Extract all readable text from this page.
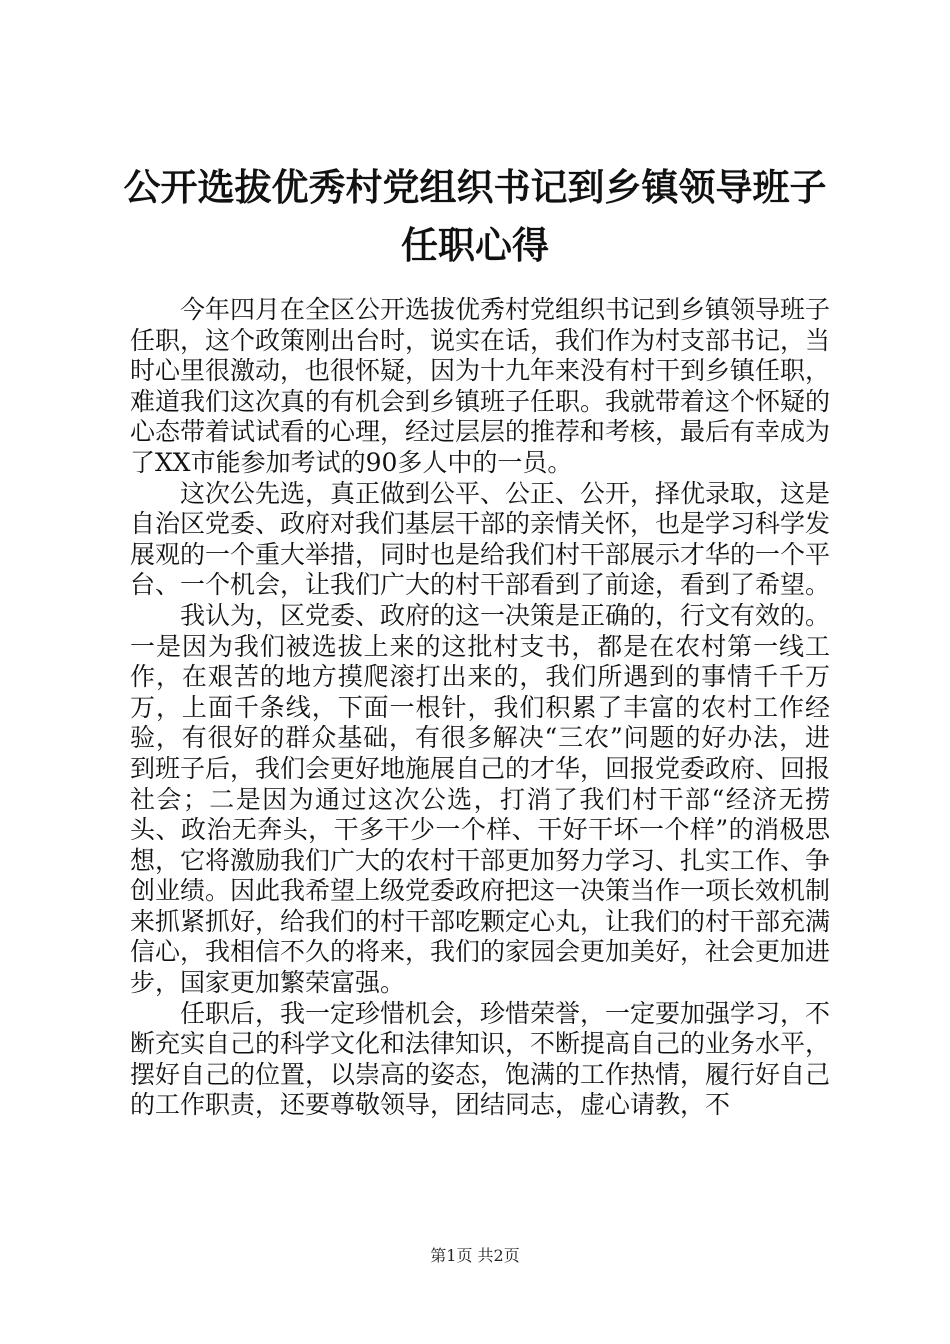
公开选拔优秀村党组织书记到乡镇领导班子任职心得

今年四月在全区公开选拔优秀村党组织书记到乡镇领导班子任职，这个政策刚出台时，说实在话，我们作为村支部书记，当时心里很激动，也很怀疑，因为十九年来没有村干到乡镇任职，难道我们这次真的有机会到乡镇班子任职。我就带着这个怀疑的心态带着试试看的心理，经过层层的推荐和考核，最后有幸成为了XX市能参加考试的90多人中的一员。

这次公先选，真正做到公平、公正、公开，择优录取，这是自治区党委、政府对我们基层干部的亲情关怀，也是学习科学发展观的一个重大举措，同时也是给我们村干部展示才华的一个平台、一个机会，让我们广大的村干部看到了前途，看到了希望。

我认为，区党委、政府的这一决策是正确的，行文有效的。一是因为我们被选拔上来的这批村支书，都是在农村第一线工作，在艰苦的地方摸爬滚打出来的，我们所遇到的事情千千万万，上面千条线，下面一根针，我们积累了丰富的农村工作经验，有很好的群众基础，有很多解决“三农”问题的好办法，进到班子后，我们会更好地施展自己的才华，回报党委政府、回报社会；二是因为通过这次公选，打消了我们村干部“经济无捞头、政治无奔头，干多干少一个样、干好干坏一个样”的消极思想，它将激励我们广大的农村干部更加努力学习、扎实工作、争创业绩。因此我希望上级党委政府把这一决策当作一项长效机制来抓紧抓好，给我们的村干部吃颗定心丸，让我们的村干部充满信心，我相信不久的将来，我们的家园会更加美好，社会更加进步，国家更加繁荣富强。

任职后，我一定珍惜机会，珍惜荣誉，一定要加强学习，不断充实自己的科学文化和法律知识，不断提高自己的业务水平，摆好自己的位置，以崇高的姿态，饱满的工作热情，履行好自己的工作职责，还要尊敬领导，团结同志，虚心请教，不

第1页 共2页
